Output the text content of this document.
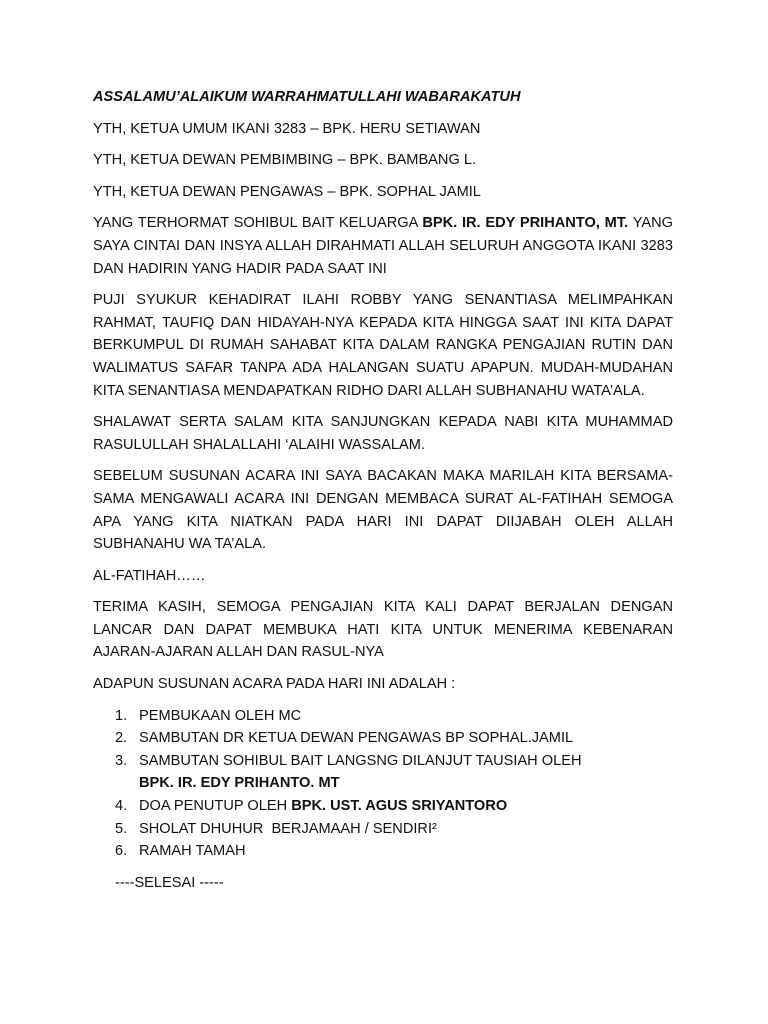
ASSALAMU’ALAIKUM WARRAHMATULLAHI WABARAKATUH

YTH, KETUA UMUM IKANI 3283 – BPK. HERU SETIAWAN

YTH, KETUA DEWAN PEMBIMBING – BPK. BAMBANG L.

YTH, KETUA DEWAN PENGAWAS – BPK. SOPHAL JAMIL

YANG TERHORMAT SOHIBUL BAIT KELUARGA BPK. IR. EDY PRIHANTO, MT. YANG SAYA CINTAI DAN INSYA ALLAH DIRAHMATI ALLAH SELURUH ANGGOTA IKANI 3283 DAN HADIRIN YANG HADIR PADA SAAT INI

PUJI SYUKUR KEHADIRAT ILAHI ROBBY YANG SENANTIASA MELIMPAHKAN RAHMAT, TAUFIQ DAN HIDAYAH-NYA KEPADA KITA HINGGA SAAT INI KITA DAPAT BERKUMPUL DI RUMAH SAHABAT KITA DALAM RANGKA PENGAJIAN RUTIN DAN WALIMATUS SAFAR TANPA ADA HALANGAN SUATU APAPUN. MUDAH-MUDAHAN KITA SENANTIASA MENDAPATKAN RIDHO DARI ALLAH SUBHANAHU WATA’ALA.

SHALAWAT SERTA SALAM KITA SANJUNGKAN KEPADA NABI KITA MUHAMMAD RASULULLAH SHALALLAHI ‘ALAIHI WASSALAM.

SEBELUM SUSUNAN ACARA INI SAYA BACAKAN MAKA MARILAH KITA BERSAMA-SAMA MENGAWALI ACARA INI DENGAN MEMBACA SURAT AL-FATIHAH SEMOGA APA YANG KITA NIATKAN PADA HARI INI DAPAT DIIJABAH OLEH ALLAH SUBHANAHU WA TA’ALA.

AL-FATIHAH……

TERIMA KASIH, SEMOGA PENGAJIAN KITA KALI DAPAT BERJALAN DENGAN LANCAR DAN DAPAT MEMBUKA HATI KITA UNTUK MENERIMA KEBENARAN AJARAN-AJARAN ALLAH DAN RASUL-NYA

ADAPUN SUSUNAN ACARA PADA HARI INI ADALAH :

1. PEMBUKAAN OLEH MC
2. SAMBUTAN DR KETUA DEWAN PENGAWAS BP SOPHAL.JAMIL
3. SAMBUTAN SOHIBUL BAIT LANGSNG DILANJUT TAUSIAH OLEH
BPK. IR. EDY PRIHANTO. MT
4. DOA PENUTUP OLEH BPK. UST. AGUS SRIYANTORO
5. SHOLAT DHUHUR  BERJAMAAH / SENDIRI²
6. RAMAH TAMAH

----SELESAI -----
